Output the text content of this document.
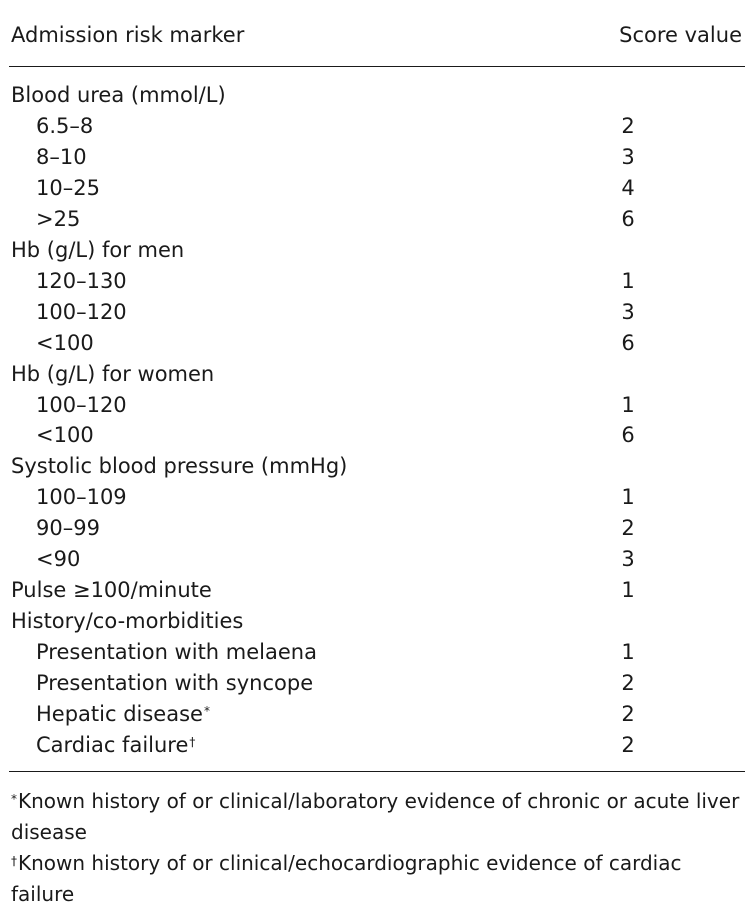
Admission risk marker	Score value
Blood urea (mmol/L)
6.5–8	2
8–10	3
10–25	4
>25	6
Hb (g/L) for men
120–130	1
100–120	3
<100	6
Hb (g/L) for women
100–120	1
<100	6
Systolic blood pressure (mmHg)
100–109	1
90–99	2
<90	3
Pulse ≥100/minute	1
History/co-morbidities
Presentation with melaena	1
Presentation with syncope	2
Hepatic disease*	2
Cardiac failure†	2

*Known history of or clinical/laboratory evidence of chronic or acute liver disease

†Known history of or clinical/echocardiographic evidence of cardiac failure
